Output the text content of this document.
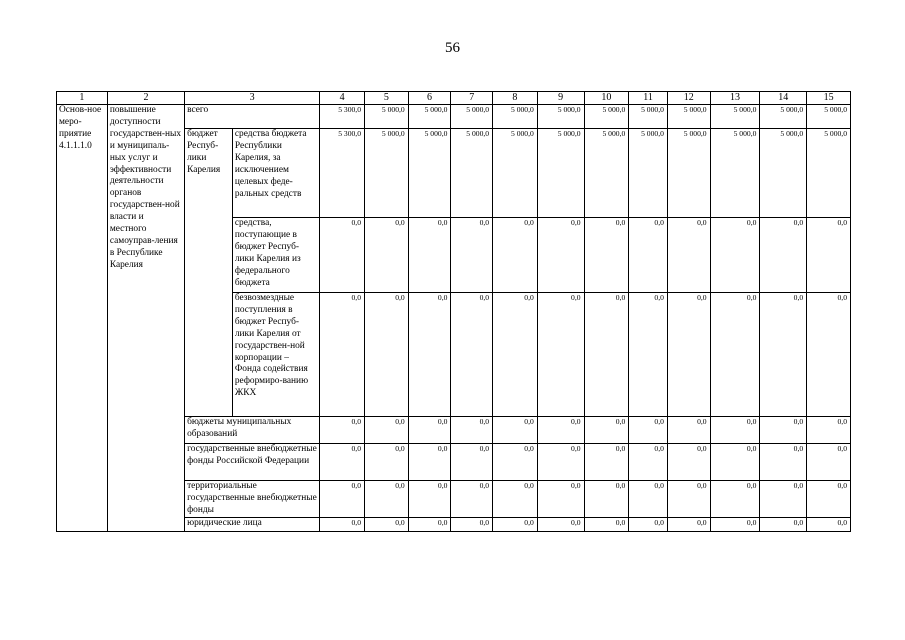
56
1	2	3		4	5	6	7	8	9	10	11	12	13	14	15
Основ-ное меро-приятие 4.1.1.1.0	повышение доступности государствен-ных и муниципаль-ных услуг и эффективности деятельности органов государствен-ной власти и местного самоуправ-ления в Республике Карелия	всего		5 300,0	5 000,0	5 000,0	5 000,0	5 000,0	5 000,0	5 000,0	5 000,0	5 000,0	5 000,0	5 000,0	5 000,0
		бюджет Респуб-лики Карелия	средства бюджета Республики Карелия, за исключением целевых феде-ральных средств	5 300,0	5 000,0	5 000,0	5 000,0	5 000,0	5 000,0	5 000,0	5 000,0	5 000,0	5 000,0	5 000,0	5 000,0
			средства, поступающие в бюджет Респуб-лики Карелия из федерального бюджета	0,0	0,0	0,0	0,0	0,0	0,0	0,0	0,0	0,0	0,0	0,0	0,0
			безвозмездные поступления в бюджет Респуб-лики Карелия от государствен-ной корпорации – Фонда содействия реформиро-ванию ЖКХ	0,0	0,0	0,0	0,0	0,0	0,0	0,0	0,0	0,0	0,0	0,0	0,0
		бюджеты муниципальных образований		0,0	0,0	0,0	0,0	0,0	0,0	0,0	0,0	0,0	0,0	0,0	0,0
		государственные внебюджетные фонды Российской Федерации		0,0	0,0	0,0	0,0	0,0	0,0	0,0	0,0	0,0	0,0	0,0	0,0
		территориальные государственные внебюджетные фонды		0,0	0,0	0,0	0,0	0,0	0,0	0,0	0,0	0,0	0,0	0,0	0,0
		юридические лица		0,0	0,0	0,0	0,0	0,0	0,0	0,0	0,0	0,0	0,0	0,0	0,0
